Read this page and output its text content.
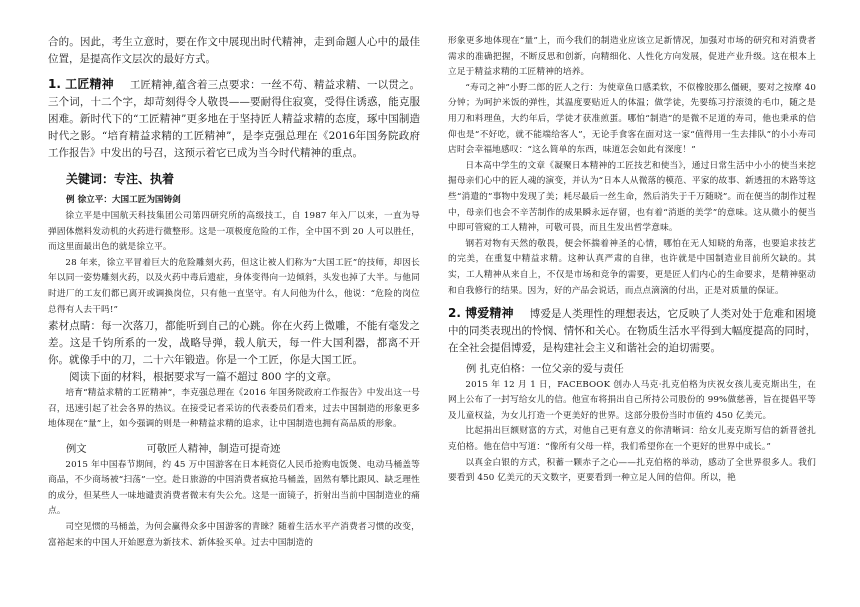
合的。因此，考生立意时，要在作文中展现出时代精神，走到命题人心中的最佳位置，是提高作文层次的最好方式。

1. 工匠精神 工匠精神,蕴含着三点要求：一丝不苟、精益求精、一以贯之。三个词，十二个字，却苛刻得令人敬畏——要耐得住寂寞，受得住诱惑，能克服困难。新时代下的“工匠精神”更多地在于坚持匠人精益求精的态度，琢中国制造时代之影。“培育精益求精的工匠精神”，是李克强总理在《2016年国务院政府工作报告》中发出的号召，这预示着它已成为当今时代精神的重点。

关键词：专注、执着

例 徐立平：大国工匠为国铸剑

徐立平是中国航天科技集团公司第四研究所的高级技工，自 1987 年入厂以来，一直为导弹固体燃料发动机的火药进行微整形。这是一项极度危险的工作，全中国不到 20 人可以胜任，而这里面最出色的就是徐立平。

28 年来，徐立平冒着巨大的危险雕刻火药，但这让被人们称为“大国工匠”的技师，却因长年以同一姿势雕刻火药，以及火药中毒后遗症，身体变得向一边倾斜，头发也掉了大半。与他同时进厂的工友们都已离开或调换岗位，只有他一直坚守。有人问他为什么，他说：“危险的岗位总得有人去干吗!”

素材点睛：每一次落刀，都能听到自己的心跳。你在火药上微雕，不能有毫发之差。这是千钧所系的一发，战略导弹，载人航天，每一件大国利器，都离不开你。就像手中的刀，二十六年锻造。你是一个工匠，你是大国工匠。

阅读下面的材料，根据要求写一篇不超过 800 字的文章。

培育“精益求精的工匠精神”，李克强总理在《2016 年国务院政府工作报告》中发出这一号召，迅速引起了社会各界的热议。在接受记者采访的代表委员们看来，过去中国制造的形象更多地体现在“量”上，如今强调的则是一种精益求精的追求，让中国制造也拥有高品质的形象。

例文	可敬匠人精神，制造可提奇迹

2015 年中国春节期间，约 45 万中国游客在日本耗资亿人民币抢购电饭煲、电动马桶盖等商品，不少商场被“扫荡”一空。赴日旅游的中国消费者疯抢马桶盖，固然有攀比跟风、缺乏理性的成分，但某些人一味地谴责消费者微末有失公允。这是一面镜子，折射出当前中国制造业的痛点。

司空见惯的马桶盖，为何会赢得众多中国游客的青睐？随着生活水平产消费者习惯的改变，富裕起来的中国人开始愿意为新技术、新体验买单。过去中国制造的

形象更多地体现在“量”上，而今我们的制造业应该立足新情况，加强对市场的研究和对消费者需求的准确把握，不断反思和创新，向精细化、人性化方向发展，促进产业升级。这在根本上立足于精益求精的工匠精神的培养。

“寿司之神”小野二郎的匠人之行：为使章鱼口感柔软，不似橡胶那么僵硬，要对之按摩 40 分钟；为呵护米饭的弹性，其温度要贴近人的体温；做学徒，先要练习拧滚烫的毛巾，随之是用刀和料理鱼，大约年后，学徒才获准煎蛋。哪怕“制造”的是微不足道的寿司，他也秉承的信仰也是“不好吃，就不能端给客人”，无论手食客在面对这一家“值得用一生去排队”的小小寿司店时会幸福地感叹：“这么简单的东西，味道怎会如此有深度！”

日本高中学生的文章《凝聚日本精神的工匠技艺和使当》，通过日常生活中小小的使当来挖掘母亲们心中的匠人魂的演变，并认为“日本人从微落的模范、平家的故事、新透扭的木路等这些“消遣的”事物中发现了美；耗尽最后一丝生命，然后消失于千万随晓”。而在便当的制作过程中，母亲们也会不辛苦制作的成果瞬永远存留，也有着“消逝的美学”的意味。这从微小的便当中即可管窥的工人精神，可敬可畏，而且生发出哲学意味。

钢若对物有天然的敬畏，便会怀揣着神圣的心情，哪怕在无人知晓的角落，也要追求技艺的完美，在重复中精益求精。这种认真严肃的自律，也许就是中国制造业目前所欠缺的。其实，工人精神从来自上，不仅是市场和竞争的需要，更是匠人们内心的生命要求，是精神驱动和自我修行的结果。因为，好的产品会说话，而点点滴滴的付出，正是对质量的保证。

2. 博爱精神 博爱是人类理性的理想表达，它反映了人类对处于危难和困境中的同类表现出的怜悯、情怀和关心。在物质生活水平得到大幅度提高的同时，在全社会提倡博爱，是构建社会主义和谐社会的迫切需要。

例 扎克伯格：一位父亲的爱与责任

2015 年 12 月 1 日，FACEBOOK 创办人马克·扎克伯格为庆祝女孩儿麦克斯出生，在网上公布了一封写给女儿的信。他宣布将捐出自己所持公司股份的 99%做慈善，旨在提倡平等及儿童权益，为女儿打造一个更美好的世界。这部分股份当时市值约 450 亿美元。

比起捐出巨额财富的方式，对他自己更有意义的你清晰词：给女儿麦克斯写信的新晋爸扎克伯格。他在信中写道：“像所有父母一样，我们希望你在一个更好的世界中成长。”

以真金白银的方式，积蓄一颗赤子之心——扎克伯格的举动，感动了全世界很多人。我们要看到 450 亿美元的天文数字，更要看到一种立足人间的信仰。所以，艳
